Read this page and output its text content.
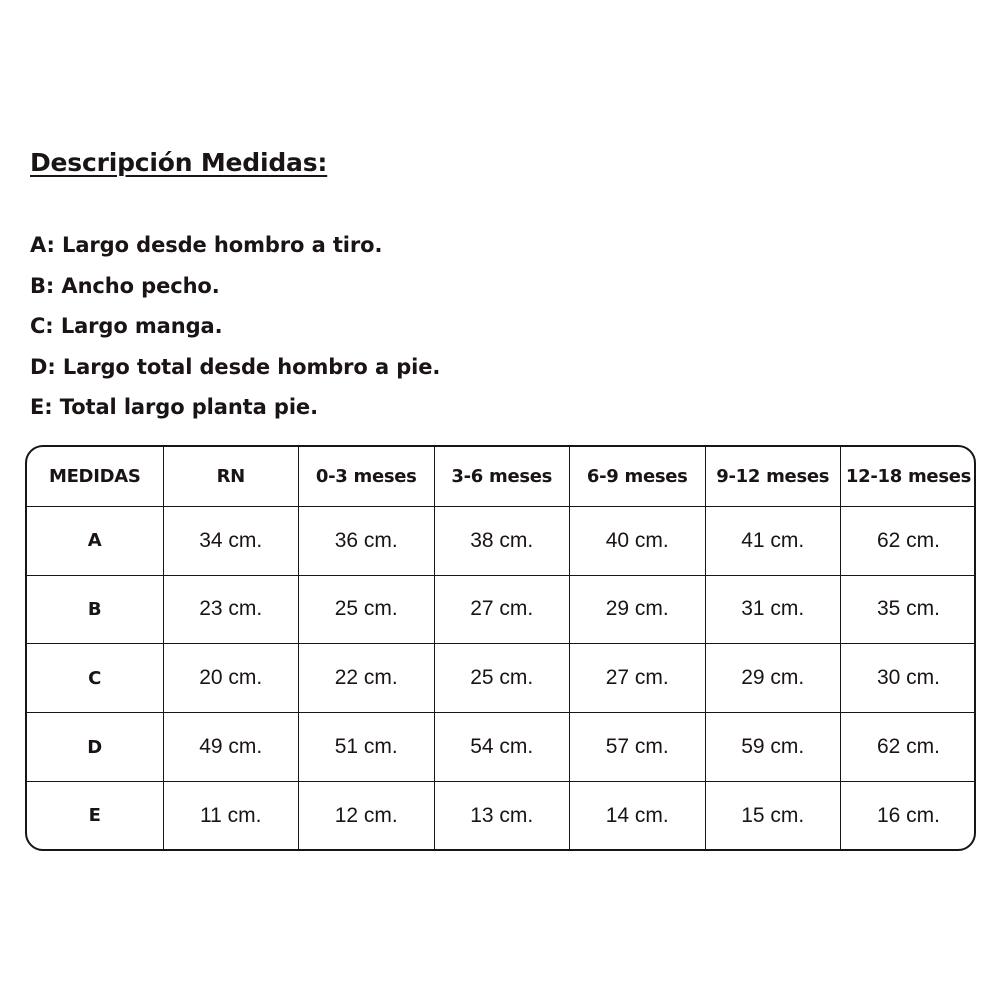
Descripción Medidas:
A: Largo desde hombro a tiro.
B: Ancho pecho.
C: Largo manga.
D: Largo total desde hombro a pie.
E: Total largo planta pie.
MEDIDAS	RN	0-3 meses	3-6 meses	6-9 meses	9-12 meses	12-18 meses
A	34 cm.	36 cm.	38 cm.	40 cm.	41 cm.	62 cm.
B	23 cm.	25 cm.	27 cm.	29 cm.	31 cm.	35 cm.
C	20 cm.	22 cm.	25 cm.	27 cm.	29 cm.	30 cm.
D	49 cm.	51 cm.	54 cm.	57 cm.	59 cm.	62 cm.
E	11 cm.	12 cm.	13 cm.	14 cm.	15 cm.	16 cm.
